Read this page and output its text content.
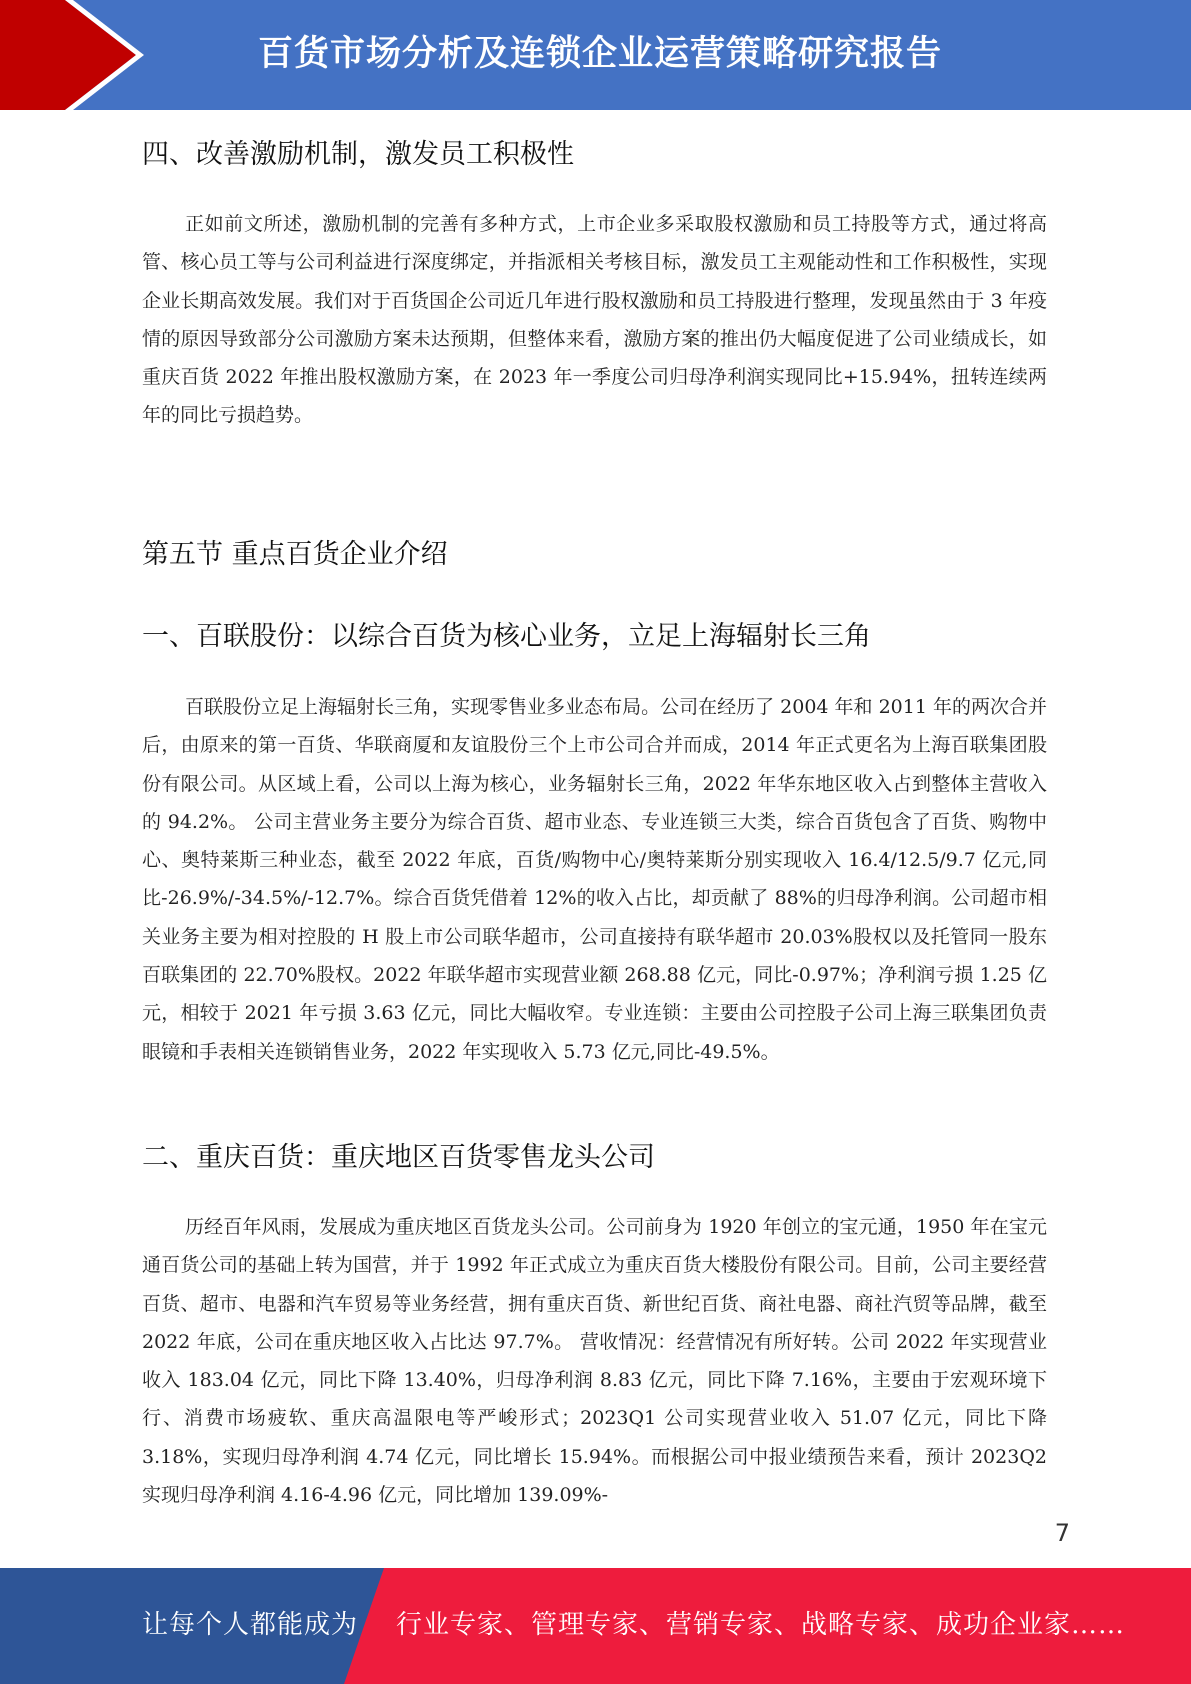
百货市场分析及连锁企业运营策略研究报告
四、改善激励机制，激发员工积极性

正如前文所述，激励机制的完善有多种方式，上市企业多采取股权激励和员工持股等方式，通过将高管、核心员工等与公司利益进行深度绑定，并指派相关考核目标，激发员工主观能动性和工作积极性，实现企业长期高效发展。我们对于百货国企公司近几年进行股权激励和员工持股进行整理，发现虽然由于 3 年疫情的原因导致部分公司激励方案未达预期，但整体来看，激励方案的推出仍大幅度促进了公司业绩成长，如重庆百货 2022 年推出股权激励方案，在 2023 年一季度公司归母净利润实现同比+15.94%，扭转连续两年的同比亏损趋势。

第五节 重点百货企业介绍
一、百联股份：以综合百货为核心业务，立足上海辐射长三角

百联股份立足上海辐射长三角，实现零售业多业态布局。公司在经历了 2004 年和 2011 年的两次合并后，由原来的第一百货、华联商厦和友谊股份三个上市公司合并而成，2014 年正式更名为上海百联集团股份有限公司。从区域上看，公司以上海为核心，业务辐射长三角，2022 年华东地区收入占到整体主营收入的 94.2%。 公司主营业务主要分为综合百货、超市业态、专业连锁三大类，综合百货包含了百货、购物中心、奥特莱斯三种业态，截至 2022 年底，百货/购物中心/奥特莱斯分别实现收入 16.4/12.5/9.7 亿元,同比-26.9%/-34.5%/-12.7%。综合百货凭借着 12%的收入占比，却贡献了 88%的归母净利润。公司超市相关业务主要为相对控股的 H 股上市公司联华超市，公司直接持有联华超市 20.03%股权以及托管同一股东百联集团的 22.70%股权。2022 年联华超市实现营业额 268.88 亿元，同比-0.97%；净利润亏损 1.25 亿元，相较于 2021 年亏损 3.63 亿元，同比大幅收窄。专业连锁：主要由公司控股子公司上海三联集团负责眼镜和手表相关连锁销售业务，2022 年实现收入 5.73 亿元,同比-49.5%。

二、重庆百货：重庆地区百货零售龙头公司

历经百年风雨，发展成为重庆地区百货龙头公司。公司前身为 1920 年创立的宝元通，1950 年在宝元通百货公司的基础上转为国营，并于 1992 年正式成立为重庆百货大楼股份有限公司。目前，公司主要经营百货、超市、电器和汽车贸易等业务经营，拥有重庆百货、新世纪百货、商社电器、商社汽贸等品牌，截至 2022 年底，公司在重庆地区收入占比达 97.7%。 营收情况：经营情况有所好转。公司 2022 年实现营业收入 183.04 亿元，同比下降 13.40%，归母净利润 8.83 亿元，同比下降 7.16%，主要由于宏观环境下行、消费市场疲软、重庆高温限电等严峻形式；2023Q1 公司实现营业收入 51.07 亿元，同比下降 3.18%，实现归母净利润 4.74 亿元，同比增长 15.94%。而根据公司中报业绩预告来看，预计 2023Q2 实现归母净利润 4.16-4.96 亿元，同比增加 139.09%-

7
让每个人都能成为 行业专家、管理专家、营销专家、战略专家、成功企业家……
